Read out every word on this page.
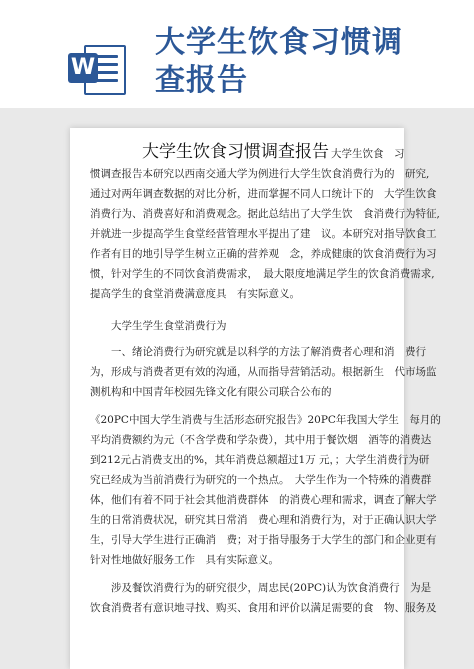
W
大学生饮食习惯调
查报告
大学生饮食习惯调查报告 大学生饮食　习

惯调查报告本研究以西南交通大学为例进行大学生饮食消费行为的　研究,

通过对两年调查数据的对比分析，进而掌握不同人口统计下的　大学生饮食

消费行为、消费喜好和消费观念。据此总结出了大学生饮　食消费行为特征,

并就进一步提高学生食堂经营管理水平提出了建　议。本研究对指导饮食工

作者有目的地引导学生树立正确的营养观　念，养成健康的饮食消费行为习

惯，针对学生的不同饮食消费需求，　最大限度地满足学生的饮食消费需求,

提高学生的食堂消费满意度具　有实际意义。

大学生学生食堂消费行为

一、绪论消费行为研究就是以科学的方法了解消费者心理和消　费行

为，形成与消费者更有效的沟通，从而指导营销活动。根据新生　代市场监

测机构和中国青年校园先锋文化有限公司联合公布的

《20PC中国大学生消费与生活形态研究报告》20PC年我国大学生　每月的

平均消费额约为元（不含学费和学杂费），其中用于餐饮烟　酒等的消费达

到212元占消费支出的%，其年消费总额超过1万 元，；大学生消费行为研

究已经成为当前消费行为研究的一个热点。　大学生作为一个特殊的消费群

体，他们有着不同于社会其他消费群体　的消费心理和需求，调查了解大学

生的日常消费状况，研究其日常消　费心理和消费行为，对于正确认识大学

生，引导大学生进行正确消　费；对于指导服务于大学生的部门和企业更有

针对性地做好服务工作　具有实际意义。

涉及餐饮消费行为的研究很少，周忠民(20PC)认为饮食消费行　为是

饮食消费者有意识地寻找、购买、食用和评价以满足需要的食　物、服务及
